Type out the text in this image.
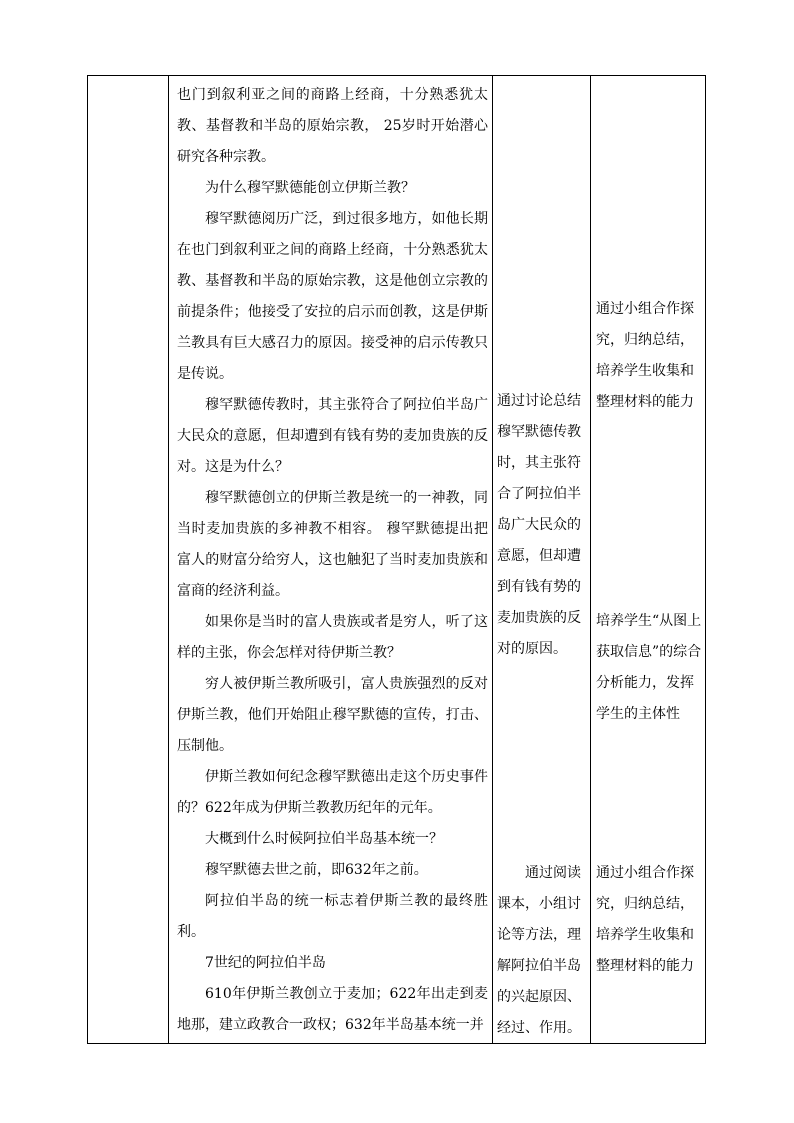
也门到叙利亚之间的商路上经商，十分熟悉犹太教、基督教和半岛的原始宗教， 25岁时开始潜心研究各种宗教。

为什么穆罕默德能创立伊斯兰教？

穆罕默德阅历广泛，到过很多地方，如他长期在也门到叙利亚之间的商路上经商，十分熟悉犹太教、基督教和半岛的原始宗教，这是他创立宗教的前提条件；他接受了安拉的启示而创教，这是伊斯兰教具有巨大感召力的原因。接受神的启示传教只是传说。

穆罕默德传教时，其主张符合了阿拉伯半岛广大民众的意愿，但却遭到有钱有势的麦加贵族的反对。这是为什么？

穆罕默德创立的伊斯兰教是统一的一神教，同当时麦加贵族的多神教不相容。 穆罕默德提出把富人的财富分给穷人，这也触犯了当时麦加贵族和富商的经济利益。

如果你是当时的富人贵族或者是穷人，听了这样的主张，你会怎样对待伊斯兰教？

穷人被伊斯兰教所吸引，富人贵族强烈的反对伊斯兰教，他们开始阻止穆罕默德的宣传，打击、压制他。

伊斯兰教如何纪念穆罕默德出走这个历史事件的？622年成为伊斯兰教教历纪年的元年。

大概到什么时候阿拉伯半岛基本统一？

穆罕默德去世之前，即632年之前。

阿拉伯半岛的统一标志着伊斯兰教的最终胜利。

7世纪的阿拉伯半岛

610年伊斯兰教创立于麦加；622年出走到麦地那，建立政教合一政权；632年半岛基本统一并

通过讨论总结穆罕默德传教时，其主张符合了阿拉伯半岛广大民众的意愿，但却遭到有钱有势的麦加贵族的反对的原因。
通过阅读课本，小组讨论等方法，理解阿拉伯半岛的兴起原因、经过、作用。
通过小组合作探究，归纳总结，培养学生收集和整理材料的能力
培养学生“从图上获取信息”的综合分析能力，发挥学生的主体性
通过小组合作探究，归纳总结，培养学生收集和整理材料的能力
